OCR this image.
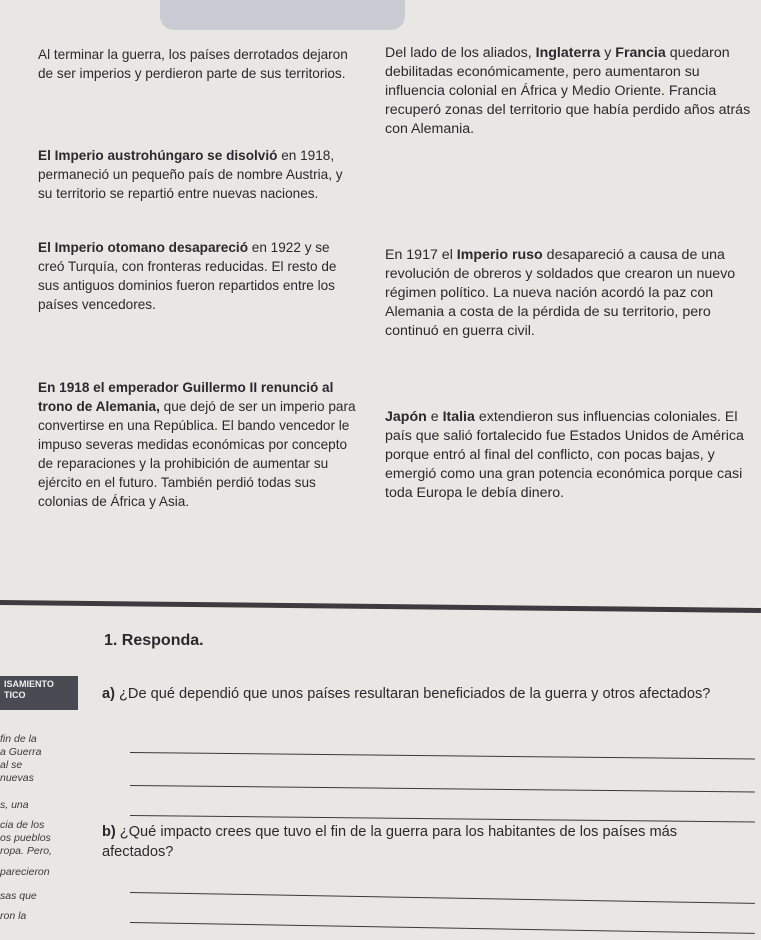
Al terminar la guerra, los países derrotados dejaron de ser imperios y perdieron parte de sus territorios.

El Imperio austrohúngaro se disolvió en 1918, permaneció un pequeño país de nombre Austria, y su territorio se repartió entre nuevas naciones.

El Imperio otomano desapareció en 1922 y se creó Turquía, con fronteras reducidas. El resto de sus antiguos dominios fueron repartidos entre los países vencedores.

En 1918 el emperador Guillermo II renunció al trono de Alemania, que dejó de ser un imperio para convertirse en una República. El bando vencedor le impuso severas medidas económicas por concepto de reparaciones y la prohibición de aumentar su ejército en el futuro. También perdió todas sus colonias de África y Asia.

Del lado de los aliados, Inglaterra y Francia quedaron debilitadas económicamente, pero aumentaron su influencia colonial en África y Medio Oriente. Francia recuperó zonas del territorio que había perdido años atrás con Alemania.

En 1917 el Imperio ruso desapareció a causa de una revolución de obreros y soldados que crearon un nuevo régimen político. La nueva nación acordó la paz con Alemania a costa de la pérdida de su territorio, pero continuó en guerra civil.

Japón e Italia extendieron sus influencias coloniales. El país que salió fortalecido fue Estados Unidos de América porque entró al final del conflicto, con pocas bajas, y emergió como una gran potencia económica porque casi toda Europa le debía dinero.

1. Responda.

ISAMIENTO TICO	a) ¿De qué dependió que unos países resultaran beneficiados de la guerra y otros afectados?

b) ¿Qué impacto crees que tuvo el fin de la guerra para los habitantes de los países más afectados?

fin de la

a Guerra

al se

nuevas

s, una

cia de los

os pueblos

ropa. Pero,

parecieron

sas que

ron la
